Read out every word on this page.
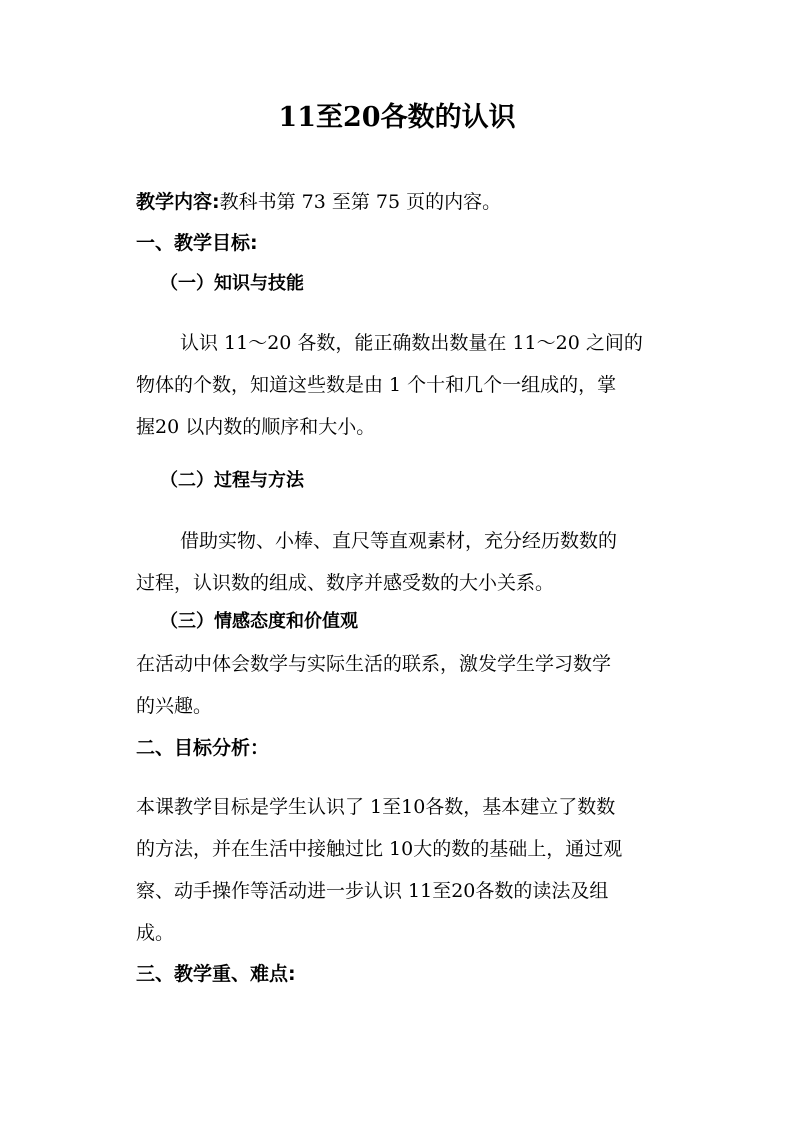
11至20各数的认识
教学内容:教科书第 73 至第 75 页的内容。
一、教学目标:
（一）知识与技能
认识 11～20 各数，能正确数出数量在 11～20 之间的
物体的个数，知道这些数是由 1 个十和几个一组成的，掌
握20 以内数的顺序和大小。
（二）过程与方法
借助实物、小棒、直尺等直观素材，充分经历数数的
过程，认识数的组成、数序并感受数的大小关系。
（三）情感态度和价值观
在活动中体会数学与实际生活的联系，激发学生学习数学
的兴趣。
二、目标分析：
本课教学目标是学生认识了 1至10各数，基本建立了数数
的方法，并在生活中接触过比 10大的数的基础上，通过观
察、动手操作等活动进一步认识 11至20各数的读法及组
成。
三、教学重、难点:
